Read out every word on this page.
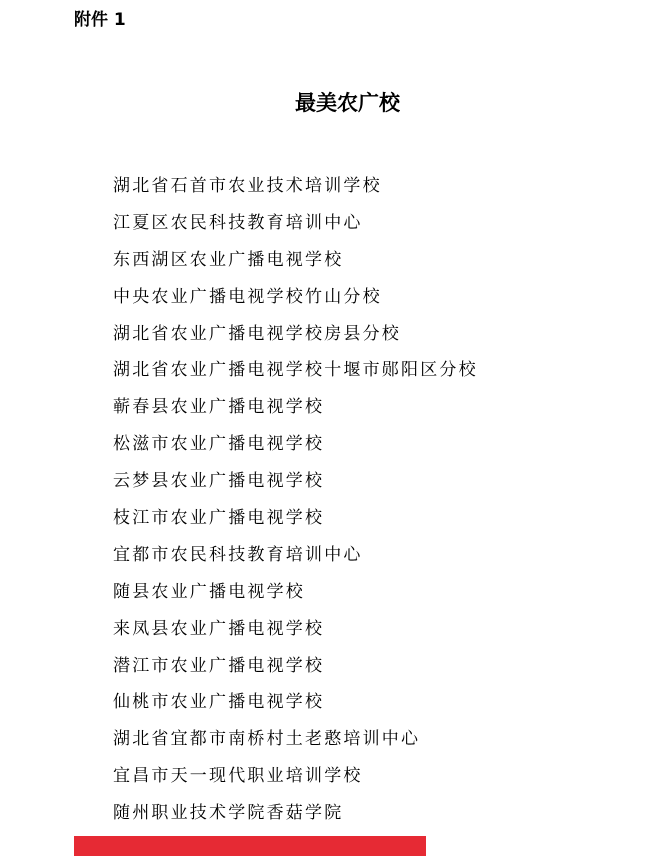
附件 1
最美农广校
湖北省石首市农业技术培训学校
江夏区农民科技教育培训中心
东西湖区农业广播电视学校
中央农业广播电视学校竹山分校
湖北省农业广播电视学校房县分校
湖北省农业广播电视学校十堰市郧阳区分校
蕲春县农业广播电视学校
松滋市农业广播电视学校
云梦县农业广播电视学校
枝江市农业广播电视学校
宜都市农民科技教育培训中心
随县农业广播电视学校
来凤县农业广播电视学校
潜江市农业广播电视学校
仙桃市农业广播电视学校
湖北省宜都市南桥村土老憨培训中心
宜昌市天一现代职业培训学校
随州职业技术学院香菇学院
